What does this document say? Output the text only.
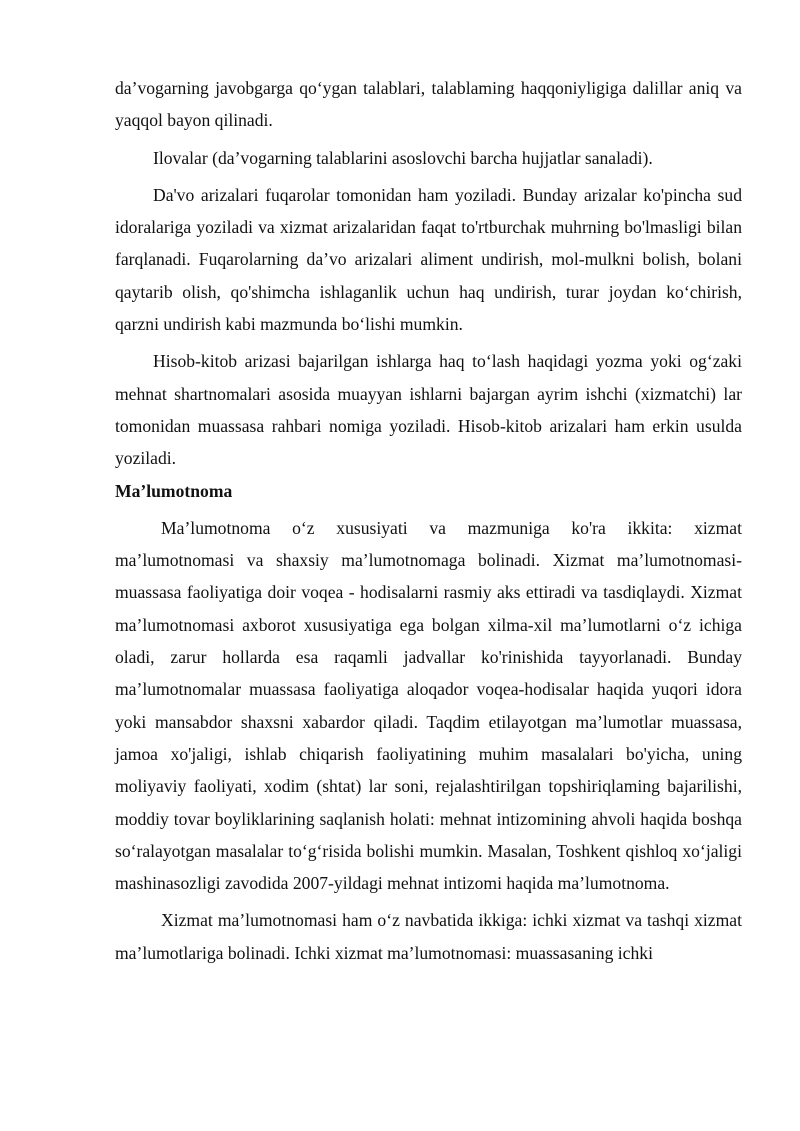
da’vogarning javobgarga qo‘ygan talablari, talablaming haqqoniyligiga dalillar aniq va yaqqol bayon qilinadi.

Ilovalar (da’vogarning talablarini asoslovchi barcha hujjatlar sanaladi).

Da'vo arizalari fuqarolar tomonidan ham yoziladi. Bunday arizalar ko'pincha sud idoralariga yoziladi va xizmat arizalaridan faqat to'rtburchak muhrning bo'lmasligi bilan farqlanadi. Fuqarolarning da’vo arizalari aliment undirish, mol-mulkni bolish, bolani qaytarib olish, qo'shimcha ishlaganlik uchun haq undirish, turar joydan ko‘chirish, qarzni undirish kabi mazmunda bo‘lishi mumkin.

Hisob-kitob arizasi bajarilgan ishlarga haq to‘lash haqidagi yozma yoki og‘zaki mehnat shartnomalari asosida muayyan ishlarni bajargan ayrim ishchi (xizmatchi) lar tomonidan muassasa rahbari nomiga yoziladi. Hisob-kitob arizalari ham erkin usulda yoziladi.

Ma’lumotnoma

Ma’lumotnoma o‘z xususiyati va mazmuniga ko'ra ikkita: xizmat ma’lumotnomasi va shaxsiy ma’lumotnomaga bolinadi. Xizmat ma’lumotnomasi- muassasa faoliyatiga doir voqea - hodisalarni rasmiy aks ettiradi va tasdiqlaydi. Xizmat ma’lumotnomasi axborot xususiyatiga ega bolgan xilma-xil ma’lumotlarni o‘z ichiga oladi, zarur hollarda esa raqamli jadvallar ko'rinishida tayyorlanadi. Bunday ma’lumotnomalar muassasa faoliyatiga aloqador voqea-hodisalar haqida yuqori idora yoki mansabdor shaxsni xabardor qiladi. Taqdim etilayotgan ma’lumotlar muassasa, jamoa xo'jaligi, ishlab chiqarish faoliyatining muhim masalalari bo'yicha, uning moliyaviy faoliyati, xodim (shtat) lar soni, rejalashtirilgan topshiriqlaming bajarilishi, moddiy tovar boyliklarining saqlanish holati: mehnat intizomining ahvoli haqida boshqa so‘ralayotgan masalalar to‘g‘risida bolishi mumkin. Masalan, Toshkent qishloq xo‘jaligi mashinasozligi zavodida 2007-yildagi mehnat intizomi haqida ma’lumotnoma.

Xizmat ma’lumotnomasi ham o‘z navbatida ikkiga: ichki xizmat va tashqi xizmat ma’lumotlariga bolinadi. Ichki xizmat ma’lumotnomasi: muassasaning ichki
